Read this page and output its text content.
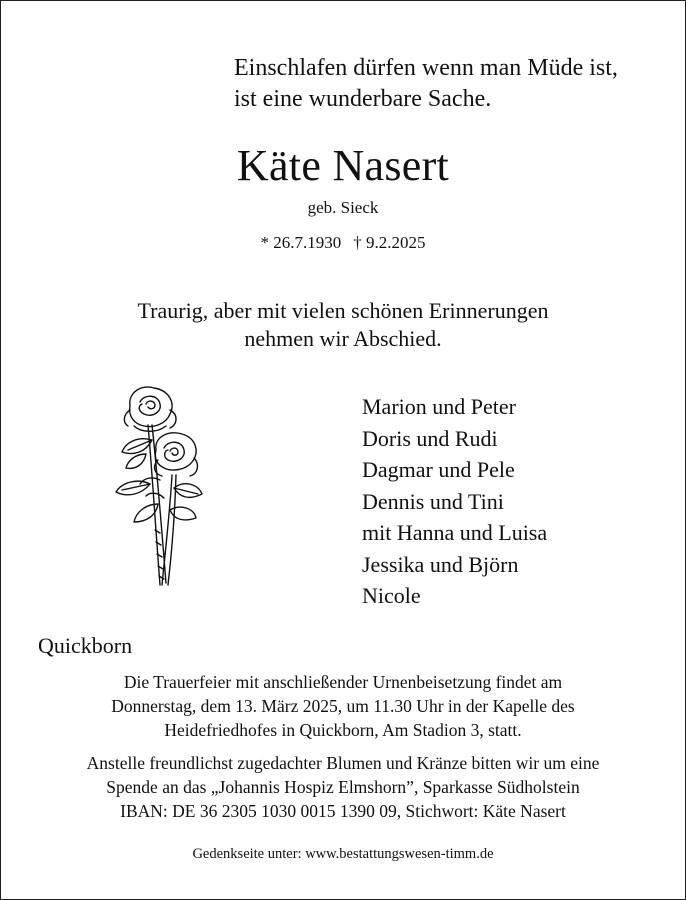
Einschlafen dürfen wenn man Müde ist,
ist eine wunderbare Sache.
Käte Nasert
geb. Sieck
* 26.7.1930 † 9.2.2025
Traurig, aber mit vielen schönen Erinnerungen
nehmen wir Abschied.
Marion und Peter
Doris und Rudi
Dagmar und Pele
Dennis und Tini
mit Hanna und Luisa
Jessika und Björn
Nicole
Quickborn
Die Trauerfeier mit anschließender Urnenbeisetzung findet am
Donnerstag, dem 13. März 2025, um 11.30 Uhr in der Kapelle des
Heidefriedhofes in Quickborn, Am Stadion 3, statt.
Anstelle freundlichst zugedachter Blumen und Kränze bitten wir um eine
Spende an das „Johannis Hospiz Elmshorn”, Sparkasse Südholstein
IBAN: DE 36 2305 1030 0015 1390 09, Stichwort: Käte Nasert
Gedenkseite unter: www.bestattungswesen-timm.de
